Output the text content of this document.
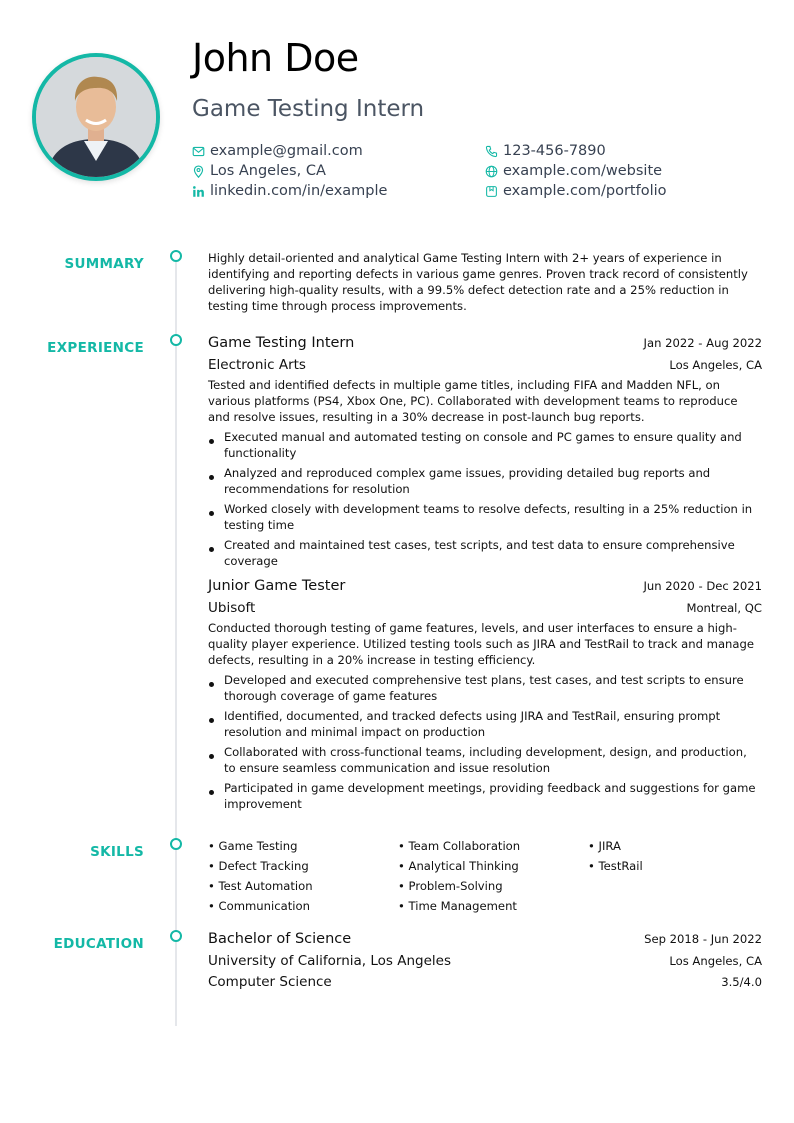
John Doe
Game Testing Intern
example@gmail.com	123-456-7890
Los Angeles, CA	example.com/website
linkedin.com/in/example	example.com/portfolio
SUMMARY	Highly detail-oriented and analytical Game Testing Intern with 2+ years of experience in identifying and reporting defects in various game genres. Proven track record of consistently delivering high-quality results, with a 99.5% defect detection rate and a 25% reduction in testing time through process improvements.
EXPERIENCE	Game Testing Intern	Jan 2022 - Aug 2022
Electronic Arts	Los Angeles, CA
Tested and identified defects in multiple game titles, including FIFA and Madden NFL, on various platforms (PS4, Xbox One, PC). Collaborated with development teams to reproduce and resolve issues, resulting in a 30% decrease in post-launch bug reports.
Executed manual and automated testing on console and PC games to ensure quality and functionality
Analyzed and reproduced complex game issues, providing detailed bug reports and recommendations for resolution
Worked closely with development teams to resolve defects, resulting in a 25% reduction in testing time
Created and maintained test cases, test scripts, and test data to ensure comprehensive coverage
Junior Game Tester	Jun 2020 - Dec 2021
Ubisoft	Montreal, QC
Conducted thorough testing of game features, levels, and user interfaces to ensure a high-quality player experience. Utilized testing tools such as JIRA and TestRail to track and manage defects, resulting in a 20% increase in testing efficiency.
Developed and executed comprehensive test plans, test cases, and test scripts to ensure thorough coverage of game features
Identified, documented, and tracked defects using JIRA and TestRail, ensuring prompt resolution and minimal impact on production
Collaborated with cross-functional teams, including development, design, and production, to ensure seamless communication and issue resolution
Participated in game development meetings, providing feedback and suggestions for game improvement
SKILLS	• Game Testing	• Team Collaboration	• JIRA
• Defect Tracking	• Analytical Thinking	• TestRail
• Test Automation	• Problem-Solving
• Communication	• Time Management
EDUCATION	Bachelor of Science	Sep 2018 - Jun 2022
University of California, Los Angeles	Los Angeles, CA
Computer Science	3.5/4.0
